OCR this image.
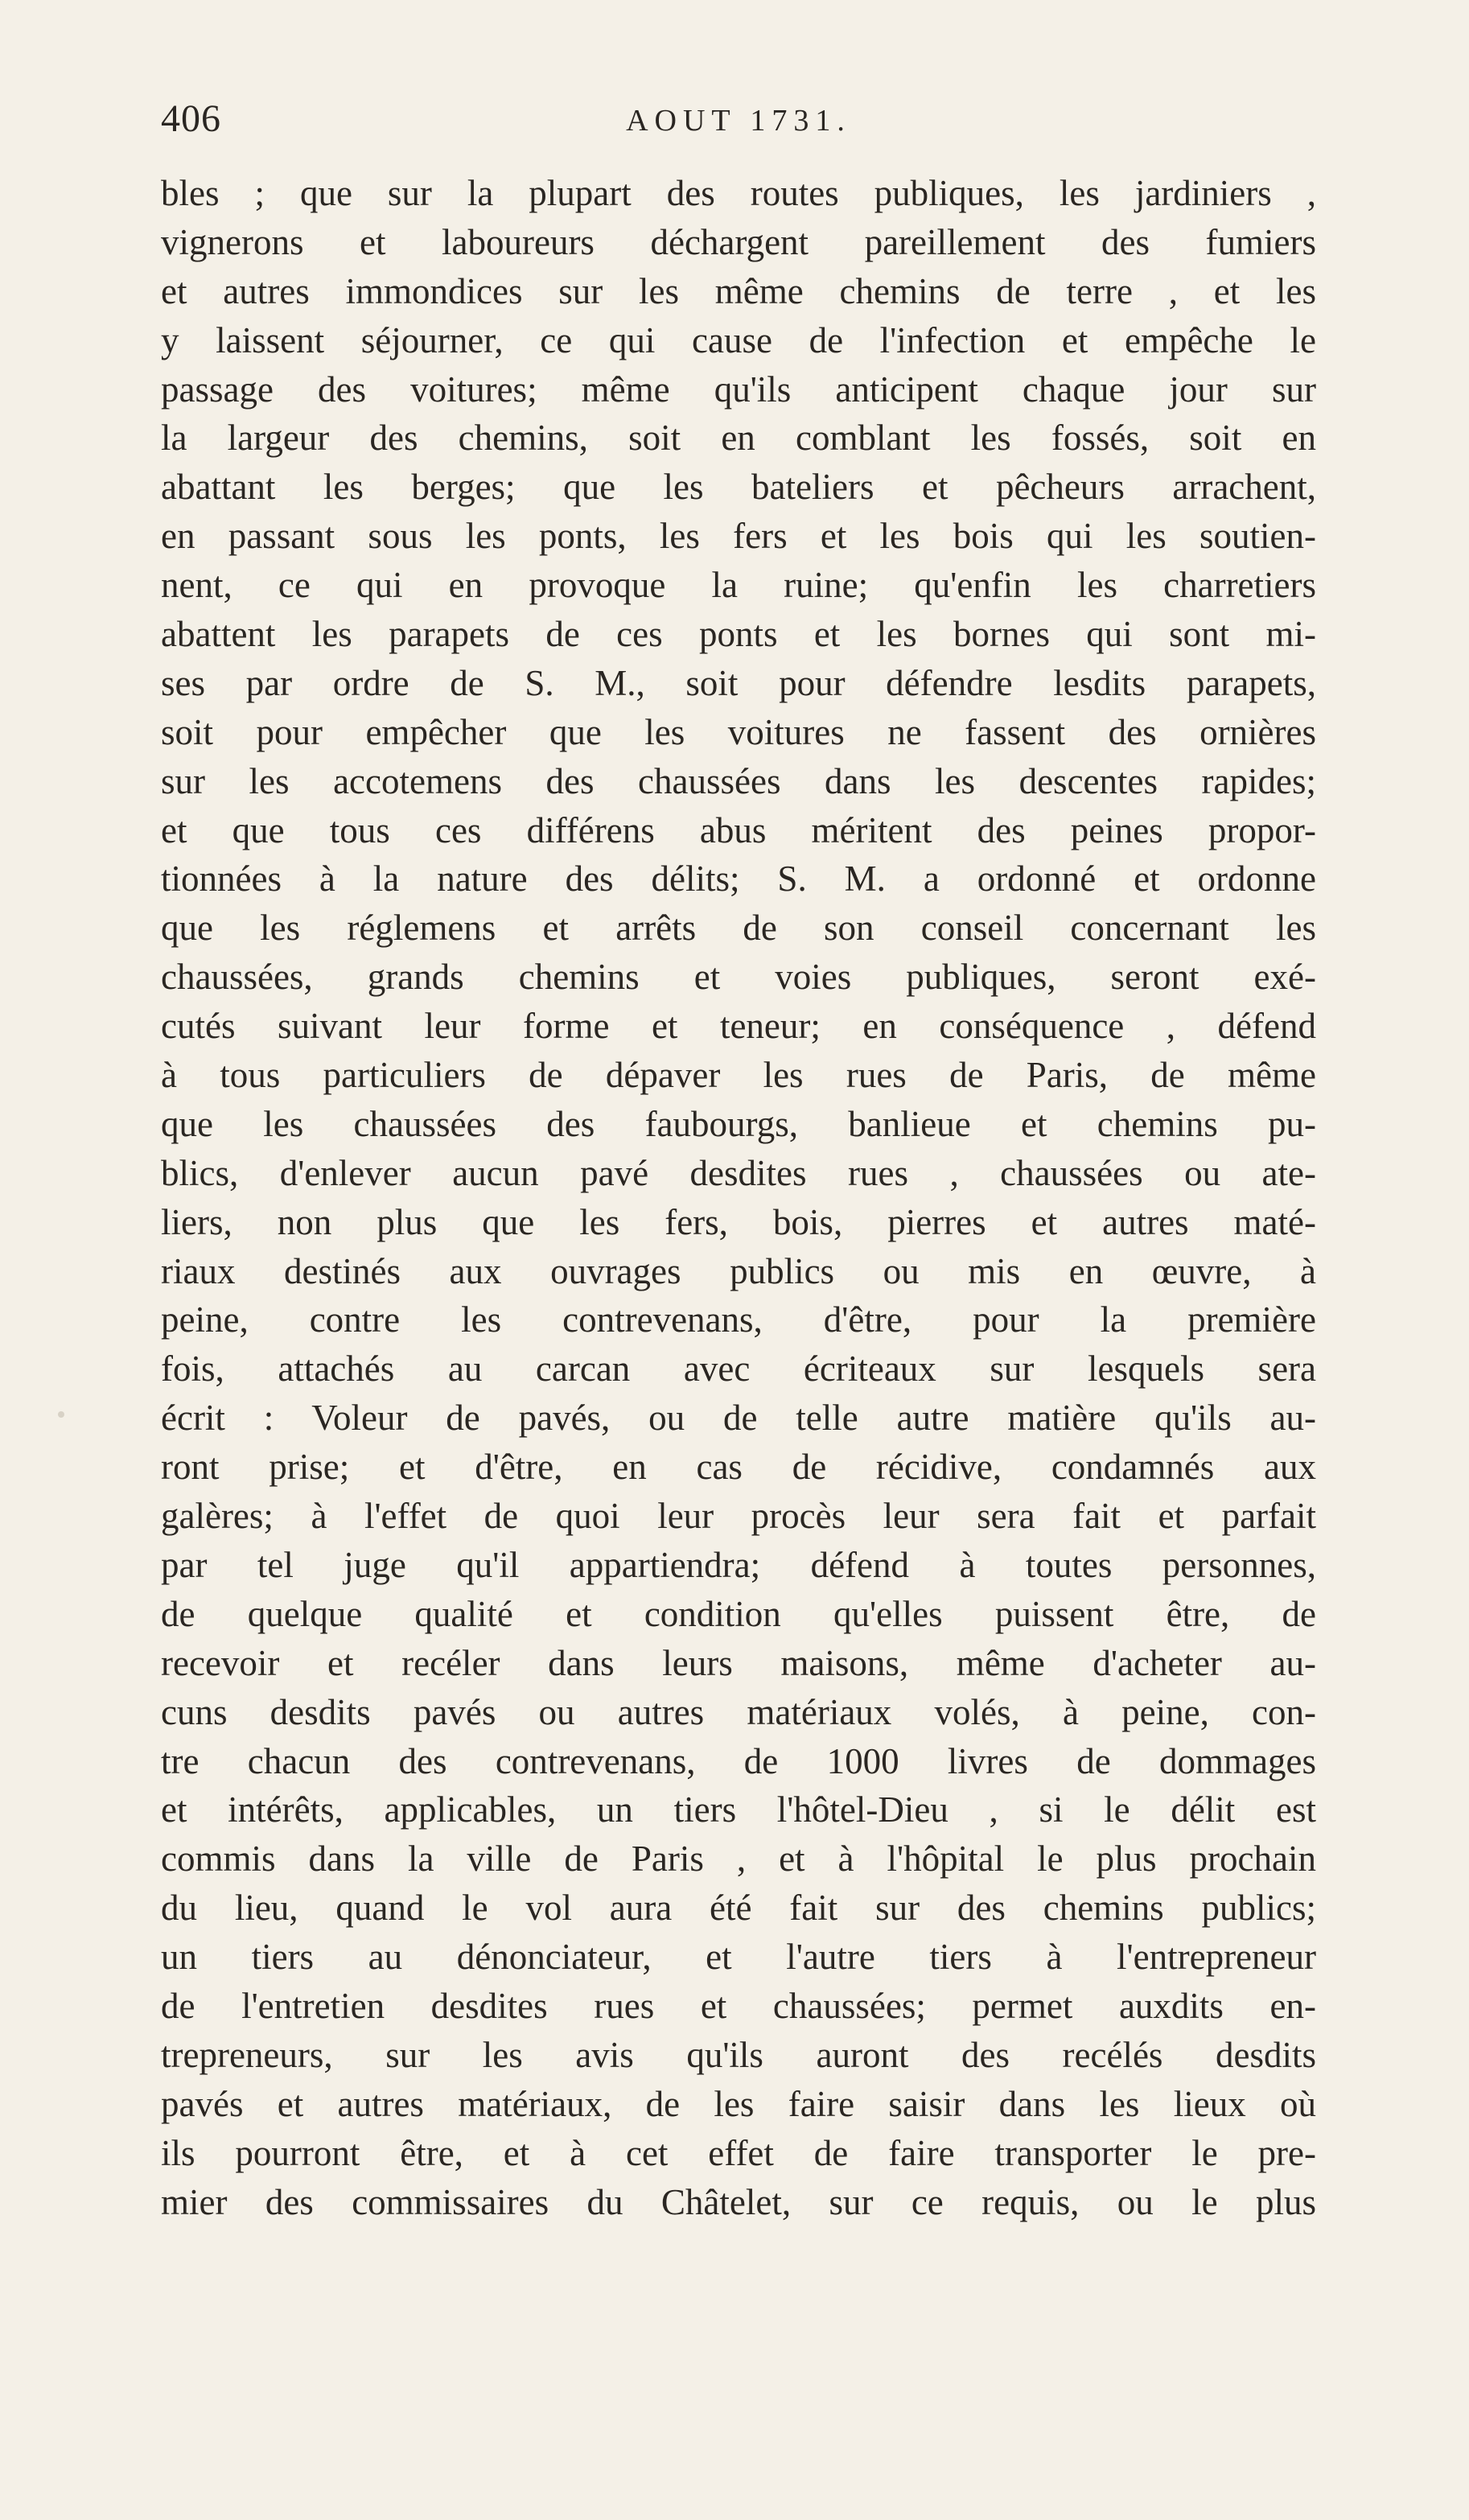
406	AOUT 1731.
bles ; que sur la plupart des routes publiques, les jardiniers ,
vignerons et laboureurs déchargent pareillement des fumiers
et autres immondices sur les même chemins de terre , et les
y laissent séjourner, ce qui cause de l'infection et empêche le
passage des voitures; même qu'ils anticipent chaque jour sur
la largeur des chemins, soit en comblant les fossés, soit en
abattant les berges; que les bateliers et pêcheurs arrachent,
en passant sous les ponts, les fers et les bois qui les soutien-
nent, ce qui en provoque la ruine; qu'enfin les charretiers
abattent les parapets de ces ponts et les bornes qui sont mi-
ses par ordre de S. M., soit pour défendre lesdits parapets,
soit pour empêcher que les voitures ne fassent des ornières
sur les accotemens des chaussées dans les descentes rapides;
et que tous ces différens abus méritent des peines propor-
tionnées à la nature des délits; S. M. a ordonné et ordonne
que les réglemens et arrêts de son conseil concernant les
chaussées, grands chemins et voies publiques, seront exé-
cutés suivant leur forme et teneur; en conséquence , défend
à tous particuliers de dépaver les rues de Paris, de même
que les chaussées des faubourgs, banlieue et chemins pu-
blics, d'enlever aucun pavé desdites rues , chaussées ou ate-
liers, non plus que les fers, bois, pierres et autres maté-
riaux destinés aux ouvrages publics ou mis en œuvre, à
peine, contre les contrevenans, d'être, pour la première
fois, attachés au carcan avec écriteaux sur lesquels sera
écrit : Voleur de pavés, ou de telle autre matière qu'ils au-
ront prise; et d'être, en cas de récidive, condamnés aux
galères; à l'effet de quoi leur procès leur sera fait et parfait
par tel juge qu'il appartiendra; défend à toutes personnes,
de quelque qualité et condition qu'elles puissent être, de
recevoir et recéler dans leurs maisons, même d'acheter au-
cuns desdits pavés ou autres matériaux volés, à peine, con-
tre chacun des contrevenans, de 1000 livres de dommages
et intérêts, applicables, un tiers l'hôtel-Dieu , si le délit est
commis dans la ville de Paris , et à l'hôpital le plus prochain
du lieu, quand le vol aura été fait sur des chemins publics;
un tiers au dénonciateur, et l'autre tiers à l'entrepreneur
de l'entretien desdites rues et chaussées; permet auxdits en-
trepreneurs, sur les avis qu'ils auront des recélés desdits
pavés et autres matériaux, de les faire saisir dans les lieux où
ils pourront être, et à cet effet de faire transporter le pre-
mier des commissaires du Châtelet, sur ce requis, ou le plus
